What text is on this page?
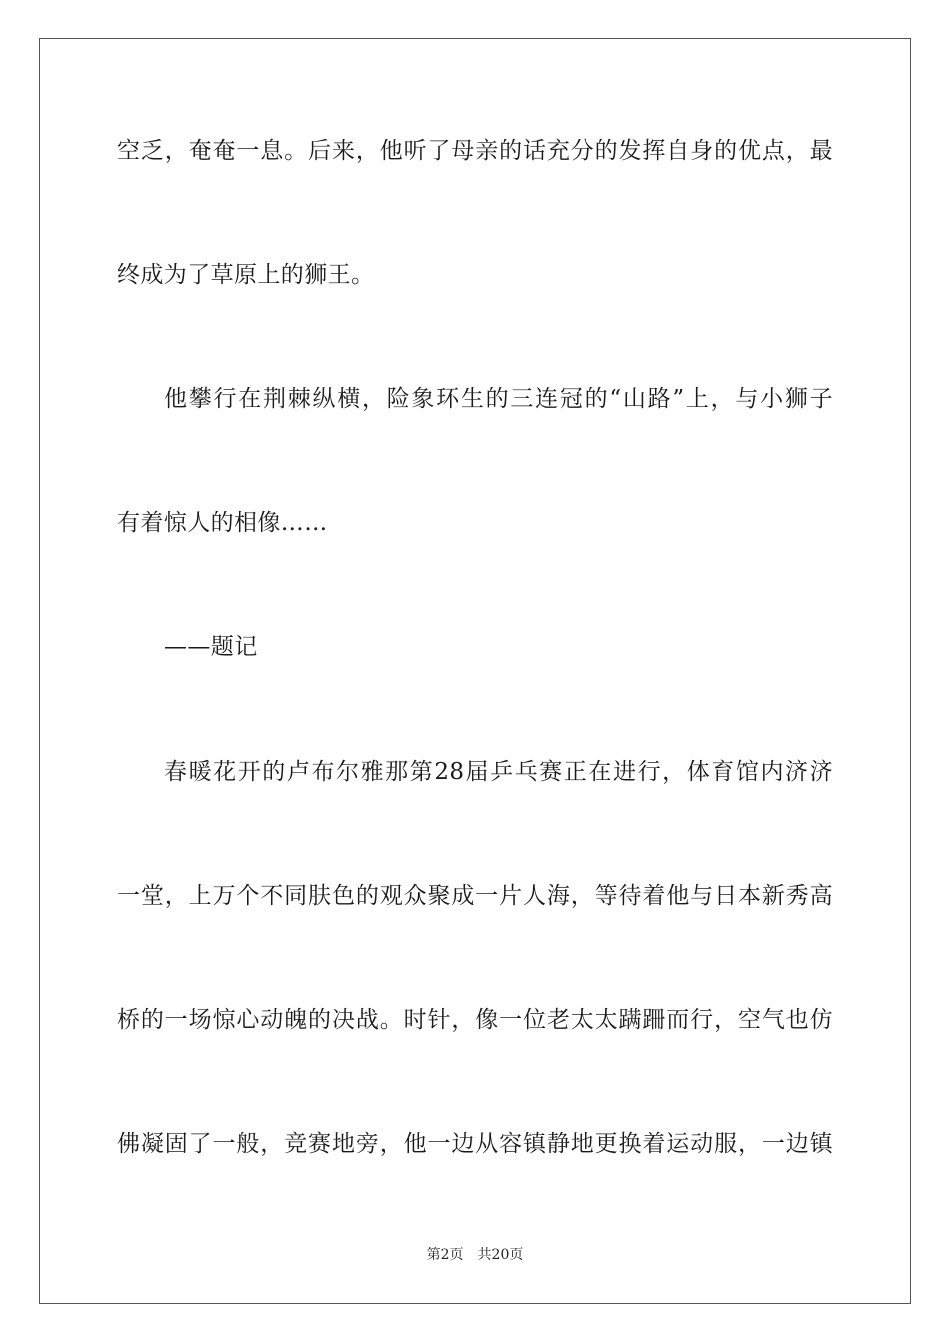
空乏，奄奄一息。后来，他听了母亲的话充分的发挥自身的优点，最
终成为了草原上的狮王。
他攀行在荆棘纵横，险象环生的三连冠的“山路”上，与小狮子
有着惊人的相像……
——题记
春暖花开的卢布尔雅那第28届乒乓赛正在进行，体育馆内济济
一堂，上万个不同肤色的观众聚成一片人海，等待着他与日本新秀高
桥的一场惊心动魄的决战。时针，像一位老太太蹒跚而行，空气也仿
佛凝固了一般，竞赛地旁，他一边从容镇静地更换着运动服，一边镇
第2页 共20页
